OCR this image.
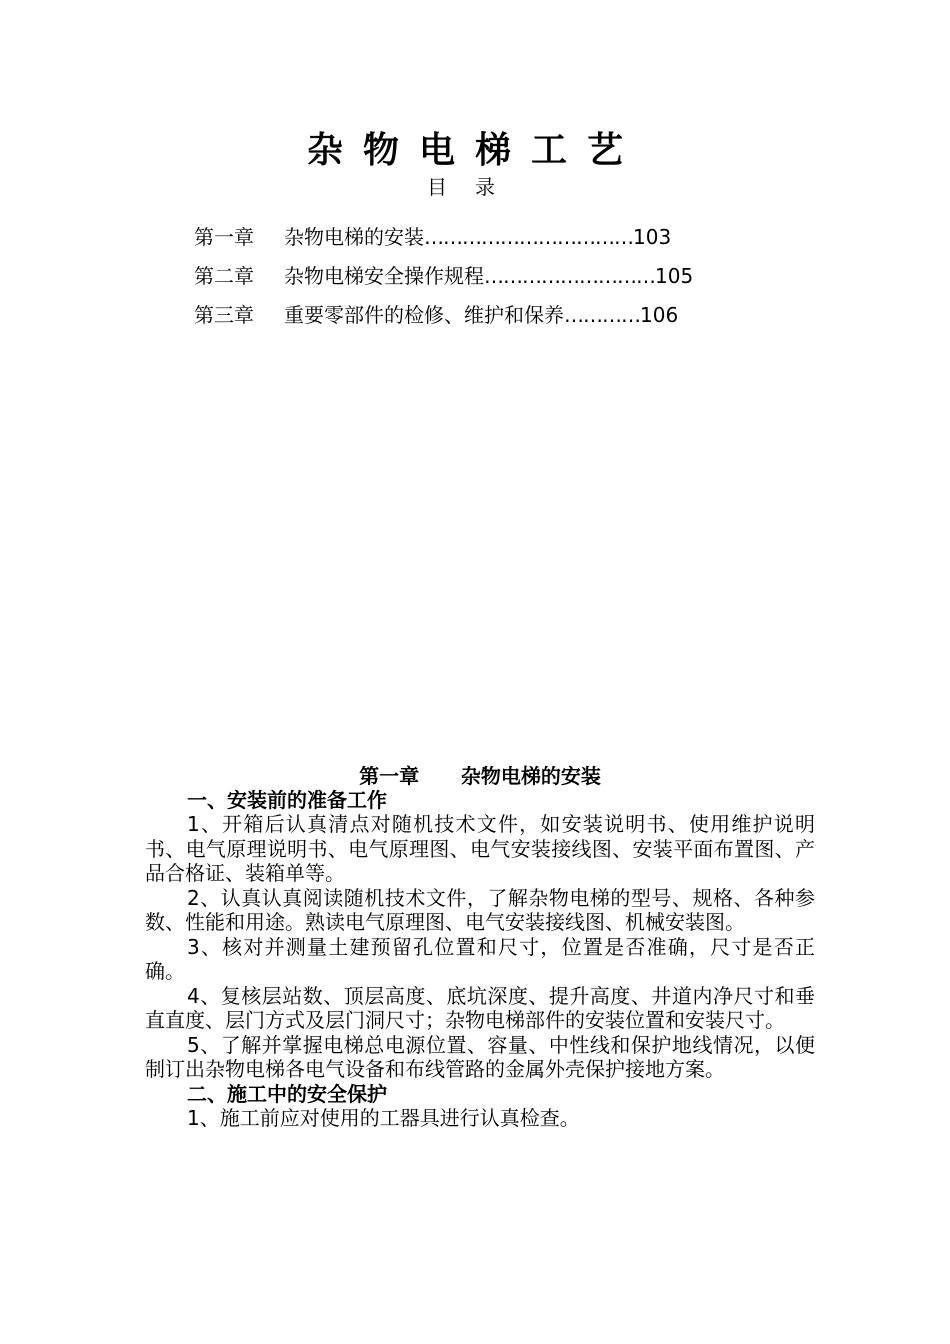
杂物电梯工艺
目录
第一章 杂物电梯的安装……………………………103
第二章 杂物电梯安全操作规程………………………105
第三章 重要零部件的检修、维护和保养…………106
第一章      杂物电梯的安装
一、安装前的准备工作

1、开箱后认真清点对随机技术文件，如安装说明书、使用维护说明书、电气原理说明书、电气原理图、电气安装接线图、安装平面布置图、产品合格证、装箱单等。

2、认真认真阅读随机技术文件，了解杂物电梯的型号、规格、各种参数、性能和用途。熟读电气原理图、电气安装接线图、机械安装图。

3、核对并测量土建预留孔位置和尺寸，位置是否准确，尺寸是否正确。

4、复核层站数、顶层高度、底坑深度、提升高度、井道内净尺寸和垂直直度、层门方式及层门洞尺寸；杂物电梯部件的安装位置和安装尺寸。

5、了解并掌握电梯总电源位置、容量、中性线和保护地线情况，以便制订出杂物电梯各电气设备和布线管路的金属外壳保护接地方案。

二、施工中的安全保护

1、施工前应对使用的工器具进行认真检查。
